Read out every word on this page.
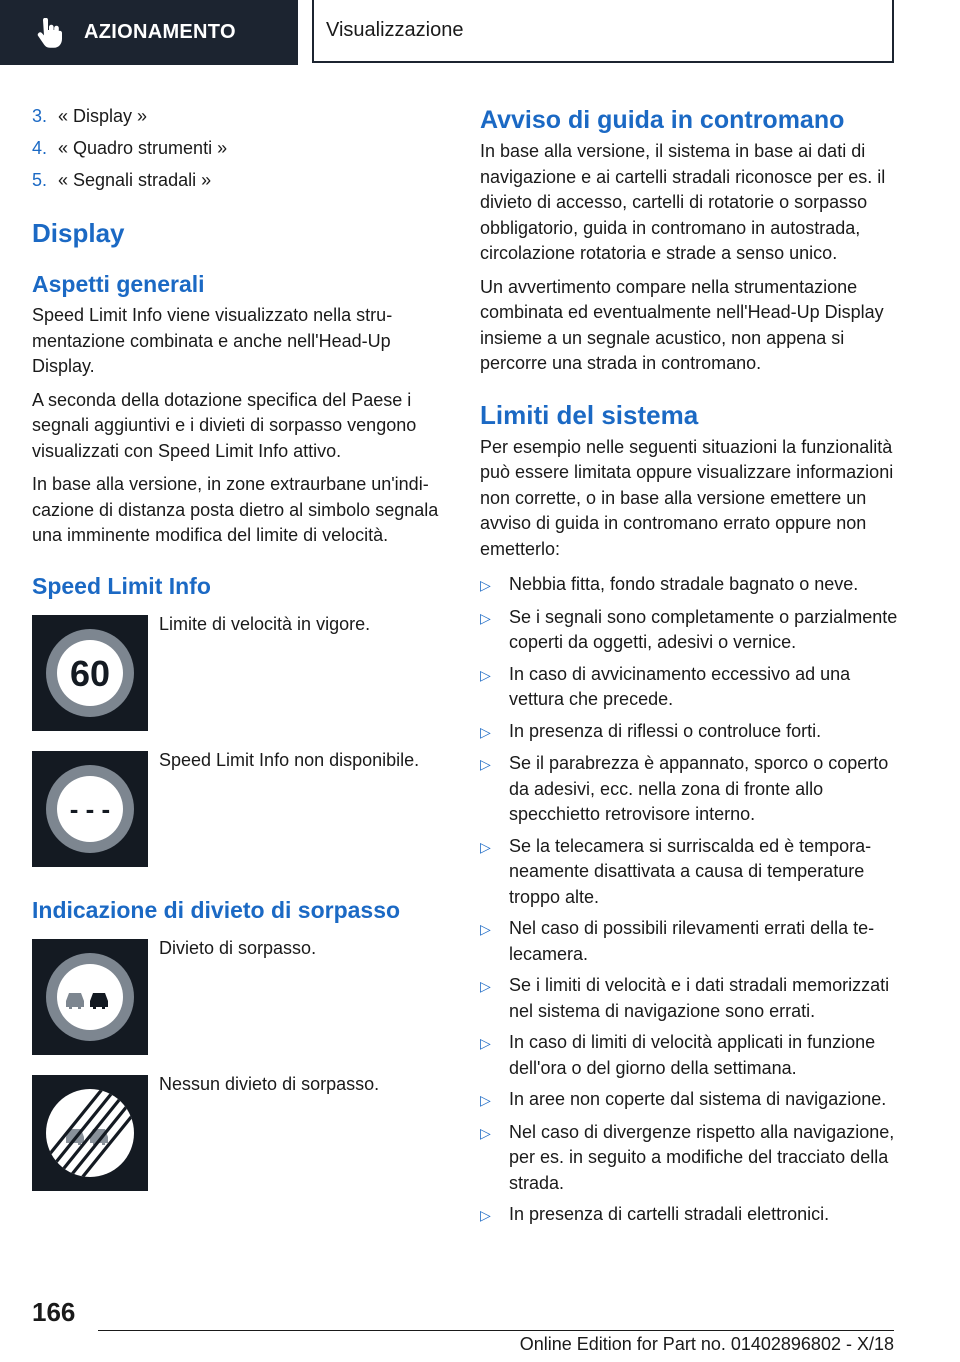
AZIONAMENTO	Visualizzazione
3. « Display »
4. « Quadro strumenti »
5. « Segnali stradali »
Display
Aspetti generali

Speed Limit Info viene visualizzato nella strumentazione combinata e anche nell'Head-Up Display.

A seconda della dotazione specifica del Paese i segnali aggiuntivi e i divieti di sorpasso vengono visualizzati con Speed Limit Info attivo.

In base alla versione, in zone extraurbane un'indicazione di distanza posta dietro al simbolo segnala una imminente modifica del limite di velocità.

Speed Limit Info
60

Limite di velocità in vigore.

- - -

Speed Limit Info non disponibile.

Indicazione di divieto di sorpasso

Divieto di sorpasso.

Nessun divieto di sorpasso.

Avviso di guida in contromano

In base alla versione, il sistema in base ai dati di navigazione e ai cartelli stradali riconosce per es. il divieto di accesso, cartelli di rotatorie o sorpasso obbligatorio, guida in contromano in autostrada, circolazione rotatoria e strade a senso unico.

Un avvertimento compare nella strumentazione combinata ed eventualmente nell'Head-Up Display insieme a un segnale acustico, non appena si percorre una strada in contromano.

Limiti del sistema

Per esempio nelle seguenti situazioni la funzionalità può essere limitata oppure visualizzare informazioni non corrette, o in base alla versione emettere un avviso di guida in contromano errato oppure non emetterlo:

▷	Nebbia fitta, fondo stradale bagnato o neve.
▷	Se i segnali sono completamente o parzialmente coperti da oggetti, adesivi o vernice.
▷	In caso di avvicinamento eccessivo ad una vettura che precede.
▷	In presenza di riflessi o controluce forti.
▷	Se il parabrezza è appannato, sporco o coperto da adesivi, ecc. nella zona di fronte allo specchietto retrovisore interno.
▷	Se la telecamera si surriscalda ed è temporaneamente disattivata a causa di temperature troppo alte.
▷	Nel caso di possibili rilevamenti errati della telecamera.
▷	Se i limiti di velocità e i dati stradali memorizzati nel sistema di navigazione sono errati.
▷	In caso di limiti di velocità applicati in funzione dell'ora o del giorno della settimana.
▷	In aree non coperte dal sistema di navigazione.
▷	Nel caso di divergenze rispetto alla navigazione, per es. in seguito a modifiche del tracciato della strada.
▷	In presenza di cartelli stradali elettronici.
166
Online Edition for Part no. 01402896802 - X/18
